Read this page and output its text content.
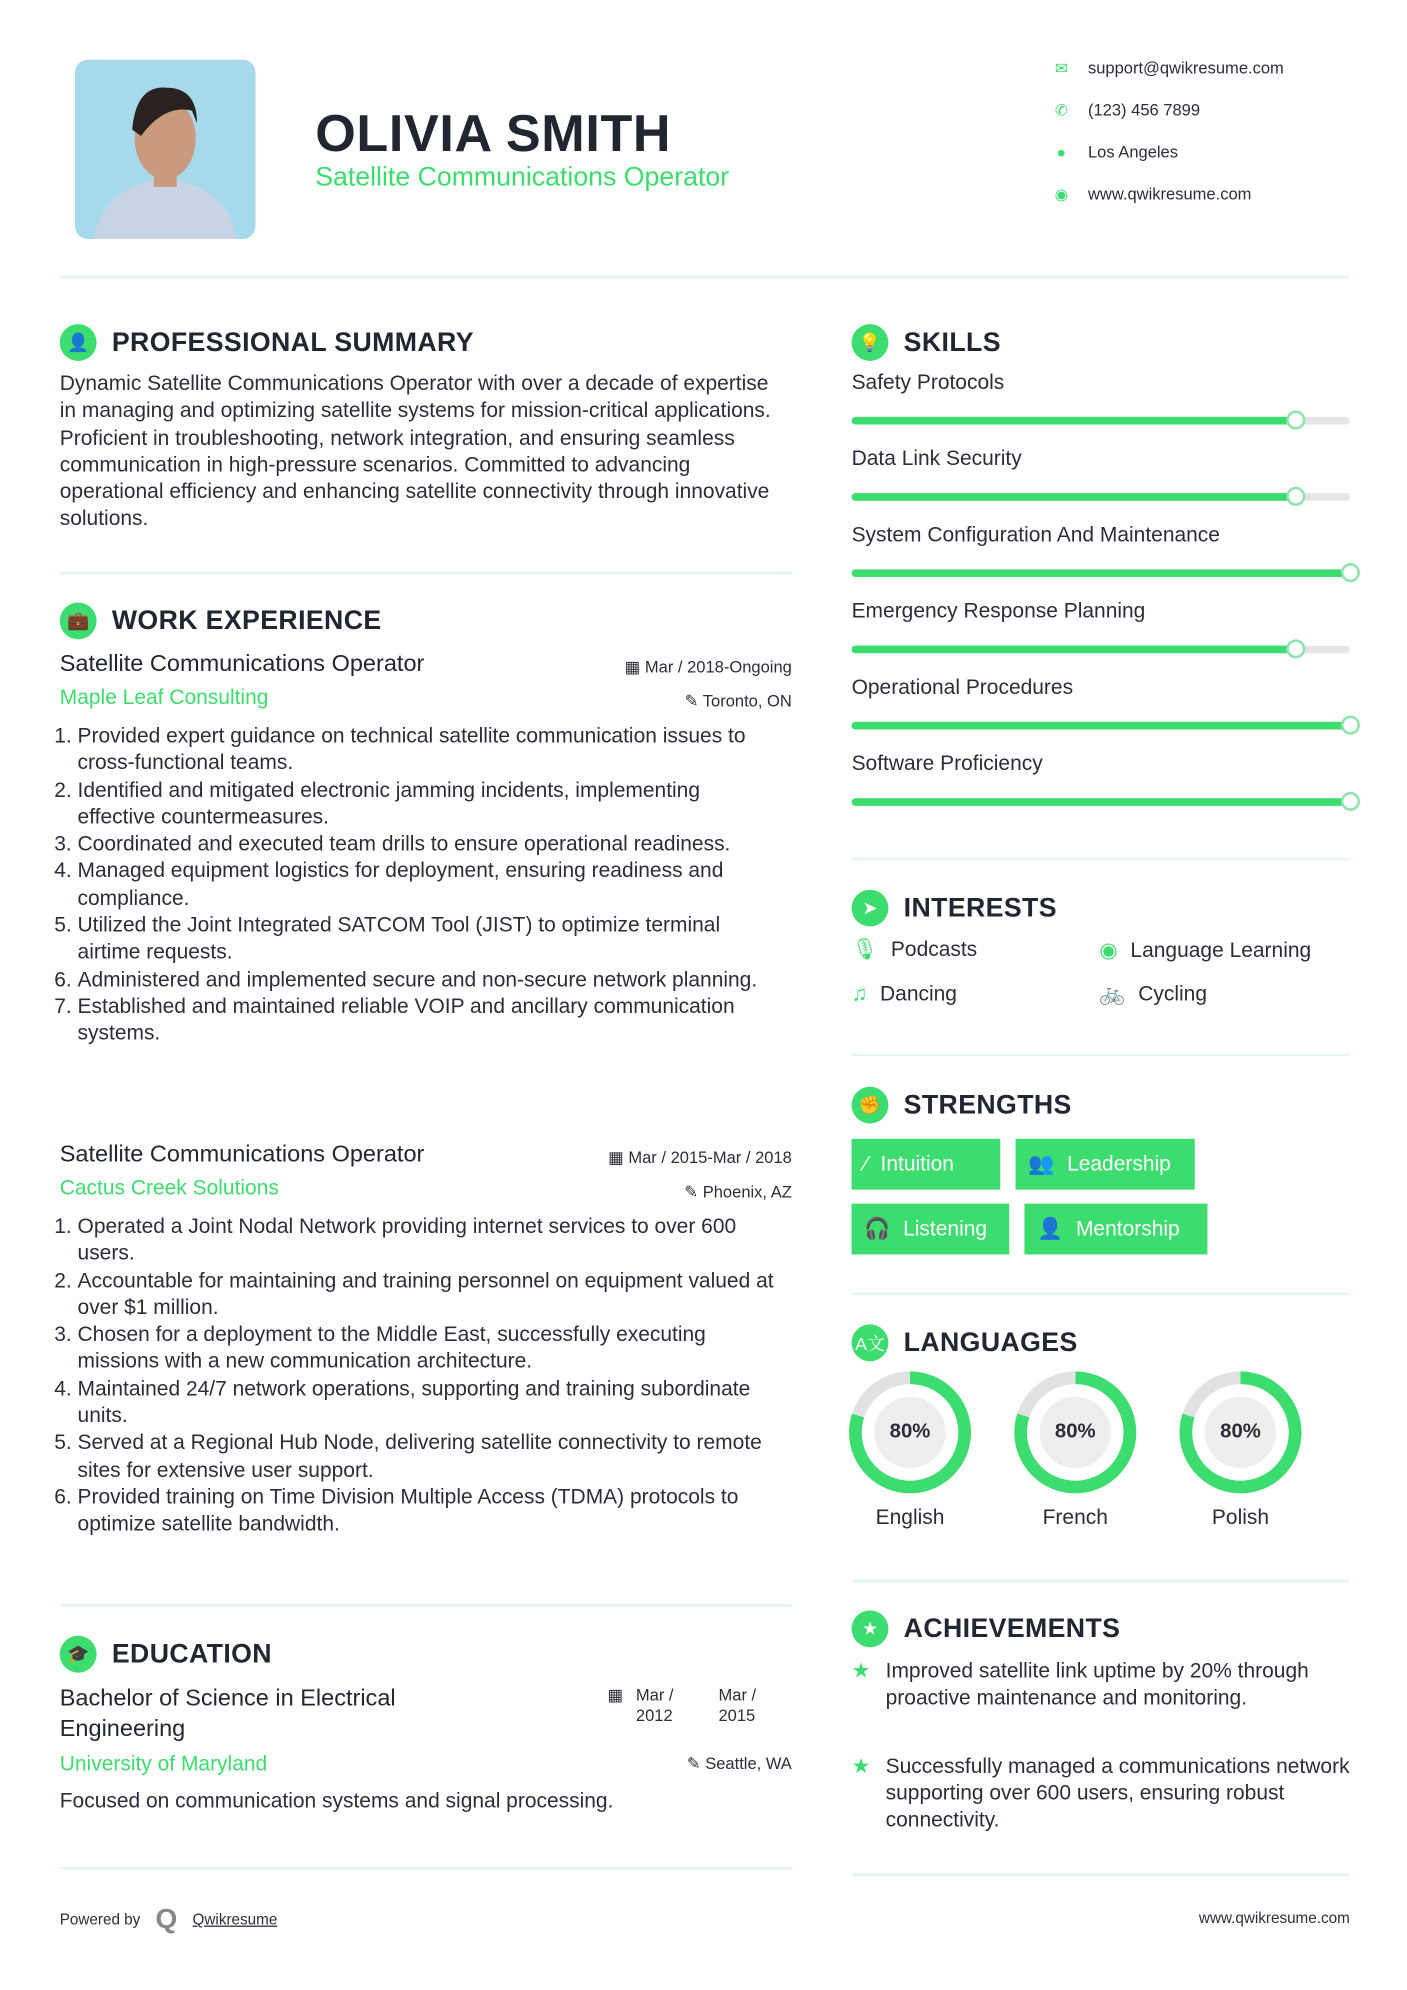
OLIVIA SMITH
Satellite Communications Operator
✉ support@qwikresume.com
✆ (123) 456 7899
●	Los Angeles
◉ www.qwikresume.com
👤	PROFESSIONAL SUMMARY
Dynamic Satellite Communications Operator with over a decade of expertise in managing and optimizing satellite systems for mission-critical applications. Proficient in troubleshooting, network integration, and ensuring seamless communication in high-pressure scenarios. Committed to advancing operational efficiency and enhancing satellite connectivity through innovative solutions.
💼	WORK EXPERIENCE
Satellite Communications Operator	▦ Mar / 2018-Ongoing
Maple Leaf Consulting	✎ Toronto, ON
1. Provided expert guidance on technical satellite communication issues to cross-functional teams.
2. Identified and mitigated electronic jamming incidents, implementing effective countermeasures.
3. Coordinated and executed team drills to ensure operational readiness.
4. Managed equipment logistics for deployment, ensuring readiness and compliance.
5. Utilized the Joint Integrated SATCOM Tool (JIST) to optimize terminal airtime requests.
6. Administered and implemented secure and non-secure network planning.
7. Established and maintained reliable VOIP and ancillary communication systems.
Satellite Communications Operator	▦ Mar / 2015-Mar / 2018
Cactus Creek Solutions	✎ Phoenix, AZ
1. Operated a Joint Nodal Network providing internet services to over 600 users.
2. Accountable for maintaining and training personnel on equipment valued at over $1 million.
3. Chosen for a deployment to the Middle East, successfully executing missions with a new communication architecture.
4. Maintained 24/7 network operations, supporting and training subordinate units.
5. Served at a Regional Hub Node, delivering satellite connectivity to remote sites for extensive user support.
6. Provided training on Time Division Multiple Access (TDMA) protocols to optimize satellite bandwidth.
🎓	EDUCATION
Bachelor of Science in Electrical Engineering
▦ Mar / 2012
Mar / 2015
University of Maryland	✎ Seattle, WA
Focused on communication systems and signal processing.
💡	SKILLS
Safety Protocols
Data Link Security
System Configuration And Maintenance
Emergency Response Planning
Operational Procedures
Software Proficiency
➤	INTERESTS
🎙 Podcasts	◉ Language Learning
♫ Dancing	🚲 Cycling
✊	STRENGTHS
⁄ Intuition	👥 Leadership
🎧 Listening	👤 Mentorship
A文 LANGUAGES
80%
English
80%
French
80%
Polish
★	ACHIEVEMENTS
★ Improved satellite link uptime by 20% through proactive maintenance and monitoring.
★ Successfully managed a communications network supporting over 600 users, ensuring robust connectivity.
Powered by Q Qwikresume	www.qwikresume.com
